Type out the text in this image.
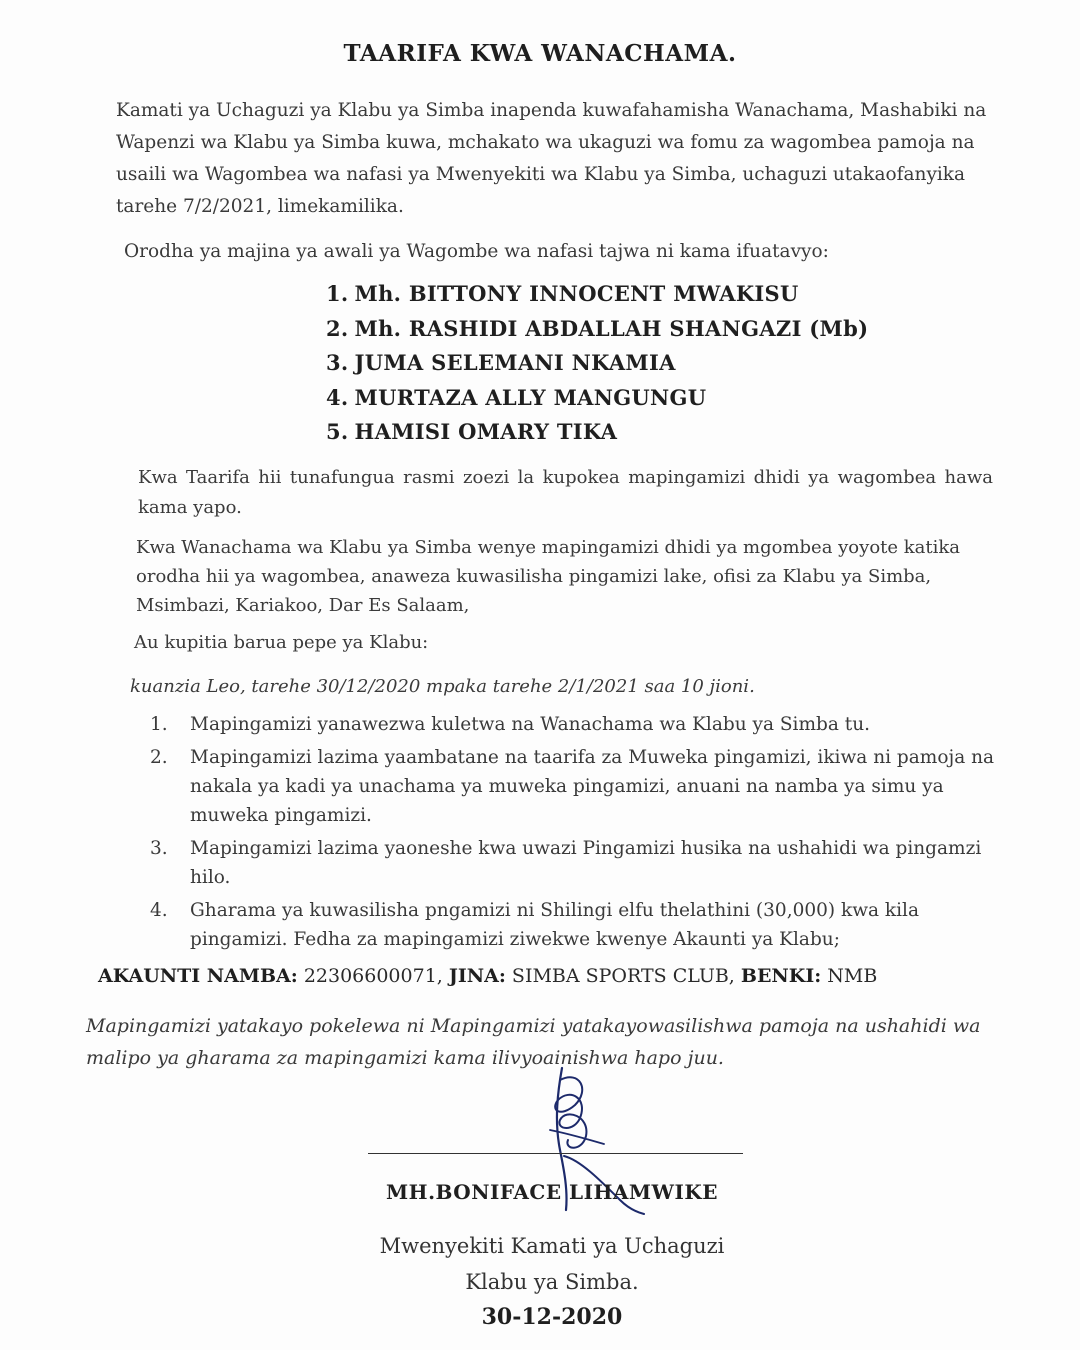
TAARIFA KWA WANACHAMA.
Kamati ya Uchaguzi ya Klabu ya Simba inapenda kuwafahamisha Wanachama, Mashabiki na Wapenzi wa Klabu ya Simba kuwa, mchakato wa ukaguzi wa fomu za wagombea pamoja na usaili wa Wagombea wa nafasi ya Mwenyekiti wa Klabu ya Simba, uchaguzi utakaofanyika tarehe 7/2/2021, limekamilika.
Orodha ya majina ya awali ya Wagombe wa nafasi tajwa ni kama ifuatavyo:
1. Mh. BITTONY INNOCENT MWAKISU
2. Mh. RASHIDI ABDALLAH SHANGAZI (Mb)
3. JUMA SELEMANI NKAMIA
4. MURTAZA ALLY MANGUNGU
5. HAMISI OMARY TIKA
Kwa Taarifa hii tunafungua rasmi zoezi la kupokea mapingamizi dhidi ya wagombea hawa kama yapo.
Kwa Wanachama wa Klabu ya Simba wenye mapingamizi dhidi ya mgombea yoyote katika orodha hii ya wagombea, anaweza kuwasilisha pingamizi lake, ofisi za Klabu ya Simba, Msimbazi, Kariakoo, Dar Es Salaam,
Au kupitia barua pepe ya Klabu:
kuanzia Leo, tarehe 30/12/2020 mpaka tarehe 2/1/2021 saa 10 jioni.
1. Mapingamizi yanawezwa kuletwa na Wanachama wa Klabu ya Simba tu.
2. Mapingamizi lazima yaambatane na taarifa za Muweka pingamizi, ikiwa ni pamoja na nakala ya kadi ya unachama ya muweka pingamizi, anuani na namba ya simu ya muweka pingamizi.
3. Mapingamizi lazima yaoneshe kwa uwazi Pingamizi husika na ushahidi wa pingamzi hilo.
4. Gharama ya kuwasilisha pngamizi ni Shilingi elfu thelathini (30,000) kwa kila pingamizi. Fedha za mapingamizi ziwekwe kwenye Akaunti ya Klabu;
AKAUNTI NAMBA: 22306600071, JINA: SIMBA SPORTS CLUB, BENKI: NMB
Mapingamizi yatakayo pokelewa ni Mapingamizi yatakayowasilishwa pamoja na ushahidi wa malipo ya gharama za mapingamizi kama ilivyoainishwa hapo juu.
MH.BONIFACE LIHAMWIKE
Mwenyekiti Kamati ya Uchaguzi
Klabu ya Simba.
30-12-2020
